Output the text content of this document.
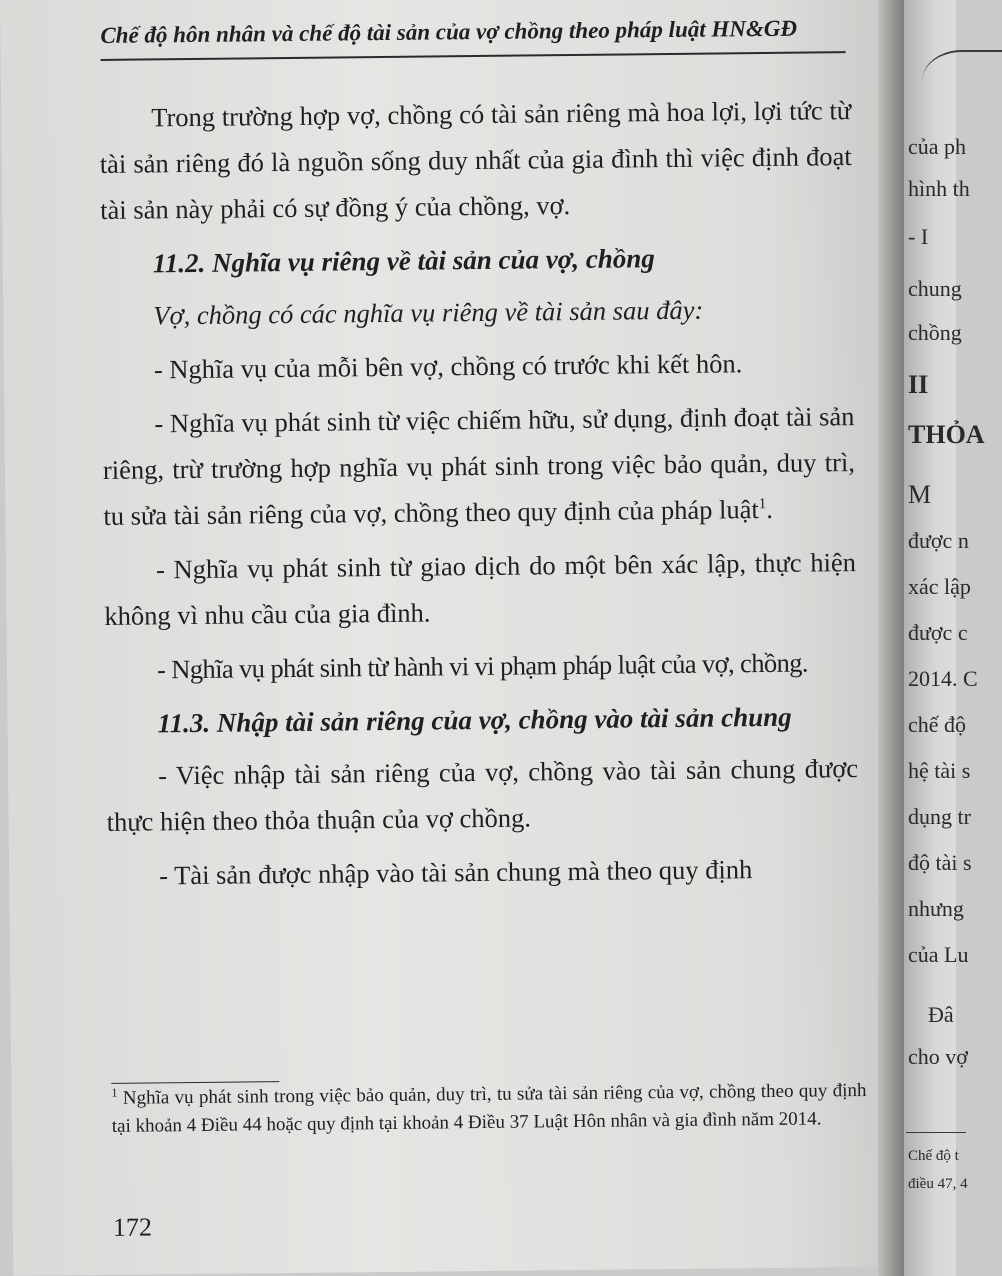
Chế độ hôn nhân và chế độ tài sản của vợ chồng theo pháp luật HN&GĐ

Trong trường hợp vợ, chồng có tài sản riêng mà hoa lợi, lợi tức từ tài sản riêng đó là nguồn sống duy nhất của gia đình thì việc định đoạt tài sản này phải có sự đồng ý của chồng, vợ.

11.2. Nghĩa vụ riêng về tài sản của vợ, chồng

Vợ, chồng có các nghĩa vụ riêng về tài sản sau đây:

- Nghĩa vụ của mỗi bên vợ, chồng có trước khi kết hôn.

- Nghĩa vụ phát sinh từ việc chiếm hữu, sử dụng, định đoạt tài sản riêng, trừ trường hợp nghĩa vụ phát sinh trong việc bảo quản, duy trì, tu sửa tài sản riêng của vợ, chồng theo quy định của pháp luật$^1$.

- Nghĩa vụ phát sinh từ giao dịch do một bên xác lập, thực hiện không vì nhu cầu của gia đình.

- Nghĩa vụ phát sinh từ hành vi vi phạm pháp luật của vợ, chồng.

11.3. Nhập tài sản riêng của vợ, chồng vào tài sản chung

- Việc nhập tài sản riêng của vợ, chồng vào tài sản chung được thực hiện theo thỏa thuận của vợ chồng.

- Tài sản được nhập vào tài sản chung mà theo quy định

$^1$ Nghĩa vụ phát sinh trong việc bảo quản, duy trì, tu sửa tài sản riêng của vợ, chồng theo quy định tại khoản 4 Điều 44 hoặc quy định tại khoản 4 Điều 37 Luật Hôn nhân và gia đình năm 2014.
172
của ph
hình th
- I
chung
chồng
II
THỎA
M
được n
xác lập
được c
2014. C
chế độ
hệ tài s
dụng tr
độ tài s
nhưng
của Lu
Đâ
cho vợ
Chế độ t
điều 47, 4
